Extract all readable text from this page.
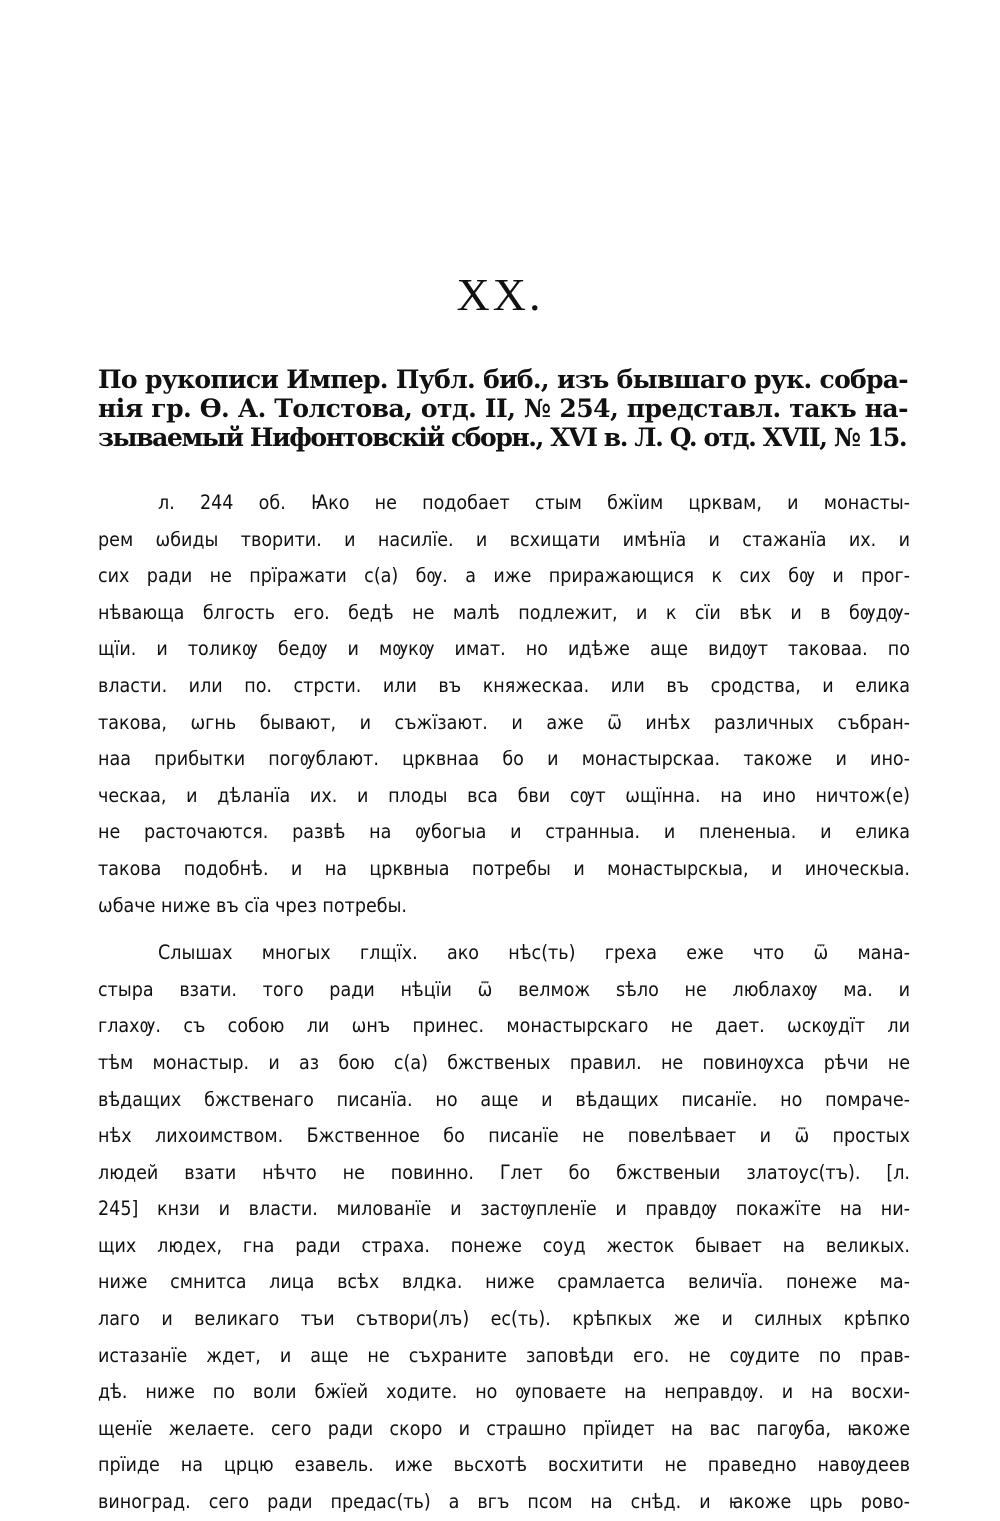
XX.
По рукописи Импер. Публ. биб., изъ бывшаго рук. собра-
нія гр. Ѳ. А. Толстова, отд. II, № 254, представл. такъ на-
зываемый Нифонтовскій сборн., XVI в. Л. Q. отд. XVII, № 15.
л. 244 об. Ꙗко не подобает стым бжїим црквам, и монасты-
рем ѡбиды творити. и насилїе. и всхищати имѣнїа и стажанїа их. и
сих ради не прїражати с(а) бѹ. а иже приражающися к сих бѹ и прог-
нѣвающа блгость его. бедѣ не малѣ подлежит, и к сїи вѣк и в бѹдѹ-
щїи. и толикѹ бедѹ и мѹкѹ имат. но идѣже аще видѹт таковаа. по
власти. или по. стрсти. или въ княжескаа. или въ сродства, и елика
такова, ѡгнь бывают, и съжїзают. и аже ѿ инѣх различных събран-
наа прибытки погѹблают. црквнаа бо и монастырскаа. такоже и ино-
ческаа, и дѣланїа их. и плоды вса бви сѹт ѡщїнна. на ино ничтож(е)
не расточаются. развѣ на ѹбогыа и странныа. и плененыа. и елика
такова подобнѣ. и на црквныа потребы и монастырскыа, и иноческыа.
ѡбаче ниже въ сїа чрез потребы.
Слышах многых глщїх. ако нѣс(ть) греха еже что ѿ мана-
стыра взати. того ради нѣцїи ѿ велмож ѕѣло не люблахѹ ма. и
глахѹ. съ собою ли ѡнъ принес. монастырскаго не дает. ѡскѹдїт ли
тѣм монастыр. и аз бою с(а) бжственых правил. не повинѹхса рѣчи не
вѣдащих бжственаго писанїа. но аще и вѣдащих писанїе. но помраче-
нѣх лихоимством. Бжственное бо писанїе не повелѣвает и ѿ простых
людей взати нѣчто не повинно. Глет бо бжственыи златоус(тъ). [л.
245] кнзи и власти. милованїе и застѹпленїе и правдѹ покажїте на ни-
щих людех, гна ради страха. понеже соуд жесток бывает на великых.
ниже смнитса лица всѣх влдка. ниже срамлаетса величїа. понеже ма-
лаго и великаго тъи сътвори(лъ) ес(ть). крѣпкых же и силных крѣпко
истазанїе ждет, и аще не съхраните заповѣди его. не сѹдите по прав-
дѣ. ниже по воли бжїей ходите. но ѹповаете на неправдѹ. и на восхи-
щенїе желаете. сего ради скоро и страшно прїидет на вас пагѹба, ꙗкоже
прїиде на црцю езавель. иже вьсхотѣ восхитити не праведно навѹдеев
виноград. сего ради предас(ть) а вгъ псом на снѣд. и ꙗкоже црь рово-
